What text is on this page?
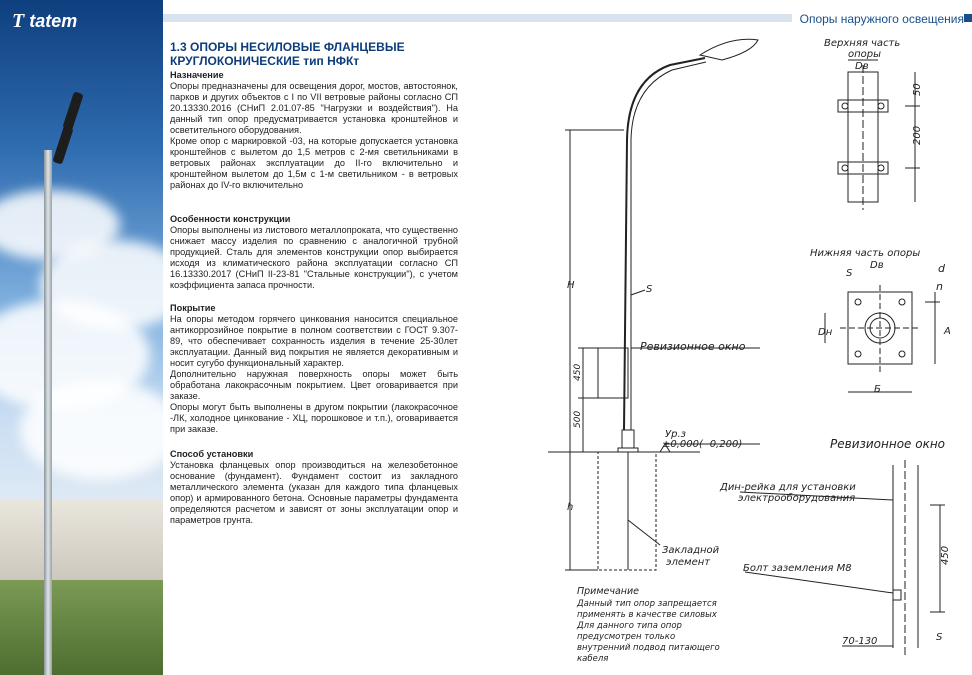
T tatem	Опоры наружного освещения
1.3 ОПОРЫ НЕСИЛОВЫЕ ФЛАНЦЕВЫЕ
КРУГЛОКОНИЧЕСКИЕ тип НФКт
Назначение

Опоры предназначены для освещения дорог, мостов, автостоянок, парков и других объектов с I по VII ветровые районы согласно СП 20.13330.2016 (СНиП 2.01.07-85 "Нагрузки и воздействия"). На данный тип опор предусматривается установка кронштейнов и осветительного оборудования.

Кроме опор с маркировкой -03, на которые допускается установка кронштейнов с вылетом до 1,5 метров с 2-мя светильниками в ветровых районах эксплуатации до II-го включительно и кронштейном вылетом до 1,5м с 1-м светильником - в ветровых районах до IV-го включительно

Особенности конструкции

Опоры выполнены из листового металлопроката, что существенно снижает массу изделия по сравнению с аналогичной трубной продукцией. Сталь для элементов конструкции опор выбирается исходя из климатического района эксплуатации согласно СП 16.13330.2017 (СНиП II-23-81 "Стальные конструкции"), с учетом коэффициента запаса прочности.

Покрытие

На опоры методом горячего цинкования наносится специальное антикоррозийное покрытие в полном соответствии с ГОСТ 9.307-89, что обеспечивает сохранность изделия в течение 25-30лет эксплуатации. Данный вид покрытия не является декоративным и носит сугубо функциональный характер.

Дополнительно наружная поверхность опоры может быть обработана лакокрасочным покрытием. Цвет оговаривается при заказе.

Опоры могут быть выполнены в другом покрытии (лакокрасочное -ЛК, холодное цинкование - ХЦ, порошковое и т.п.), оговаривается при заказе.

Способ установки

Установка фланцевых опор производиться на железобетонное основание (фундамент). Фундамент состоит из закладного металлического элемента (указан для каждого типа фланцевых опор) и армированного бетона. Основные параметры фундамента определяются расчетом и зависят от зоны эксплуатации опор и параметров грунта.

Верхняя часть
опоры
Dв
50
200
Нижняя часть опоры
S
Dв	d
n
Dн	A
Б
H
h
450
500
S
Ревизионное окно
Ур.з
±0,000( -0,200)
Закладной
элемент
Ревизионное окно
Дин-рейка для установки
электрооборудования
Болт заземления М8
450
70-130	S
Примечание
Данный тип опор запрещается
применять в качестве силовых
Для данного типа опор
предусмотрен только
внутренний подвод питающего
кабеля
